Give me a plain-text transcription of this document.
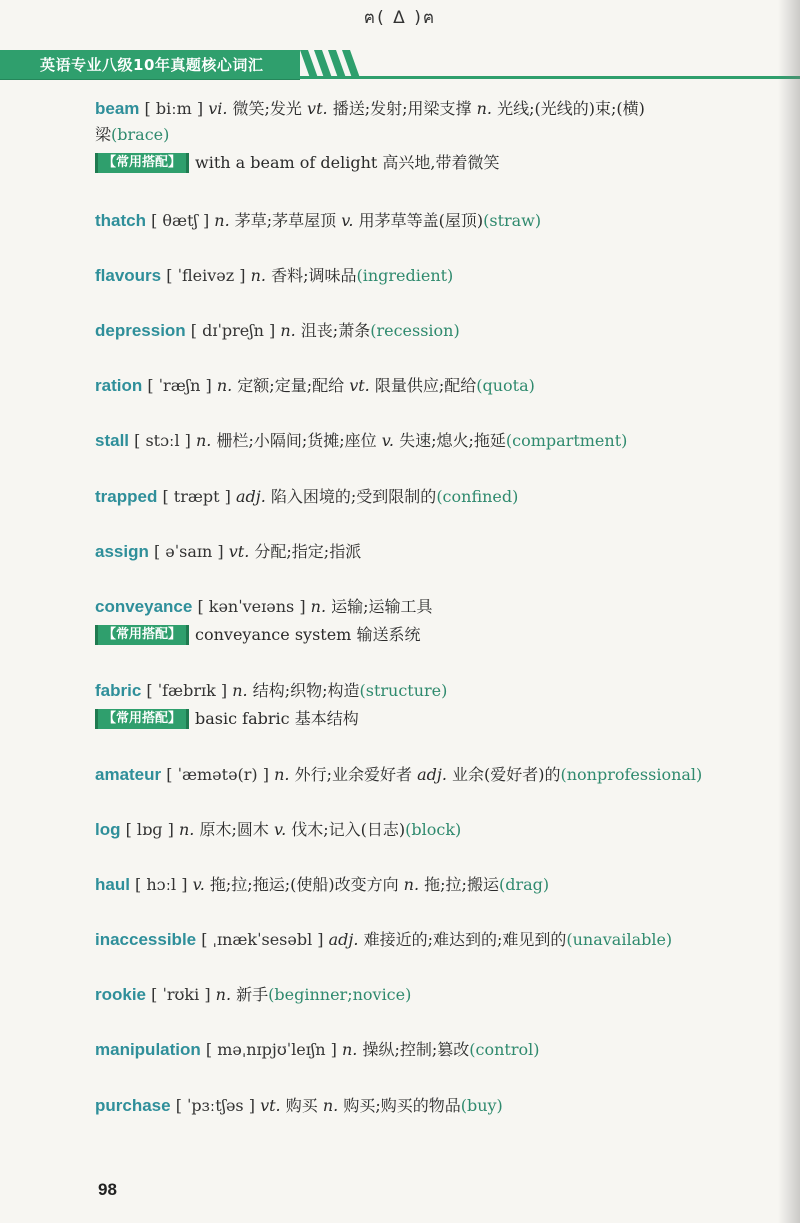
ฅ( Δ )ฅ
英语专业八级10年真题核心词汇
beam [ biːm ] vi. 微笑;发光 vt. 播送;发射;用梁支撑 n. 光线;(光线的)束;(横)
梁(brace)
【常用搭配】 with a beam of delight 高兴地,带着微笑
thatch [ θætʃ ] n. 茅草;茅草屋顶 v. 用茅草等盖(屋顶)(straw)
flavours [ ˈfleivəz ] n. 香料;调味品(ingredient)
depression [ dɪˈpreʃn ] n. 沮丧;萧条(recession)
ration [ ˈræʃn ] n. 定额;定量;配给 vt. 限量供应;配给(quota)
stall [ stɔːl ] n. 栅栏;小隔间;货摊;座位 v. 失速;熄火;拖延(compartment)
trapped [ træpt ] adj. 陷入困境的;受到限制的(confined)
assign [ əˈsaɪn ] vt. 分配;指定;指派
conveyance [ kənˈveɪəns ] n. 运输;运输工具
【常用搭配】 conveyance system 输送系统
fabric [ ˈfæbrɪk ] n. 结构;织物;构造(structure)
【常用搭配】 basic fabric 基本结构
amateur [ ˈæmətə(r) ] n. 外行;业余爱好者 adj. 业余(爱好者)的(nonprofessional)
log [ lɒɡ ] n. 原木;圆木 v. 伐木;记入(日志)(block)
haul [ hɔːl ] v. 拖;拉;拖运;(使船)改变方向 n. 拖;拉;搬运(drag)
inaccessible [ ˌɪnækˈsesəbl ] adj. 难接近的;难达到的;难见到的(unavailable)
rookie [ ˈrʊki ] n. 新手(beginner;novice)
manipulation [ məˌnɪpjʊˈleɪʃn ] n. 操纵;控制;篡改(control)
purchase [ ˈpɜːtʃəs ] vt. 购买 n. 购买;购买的物品(buy)
98
